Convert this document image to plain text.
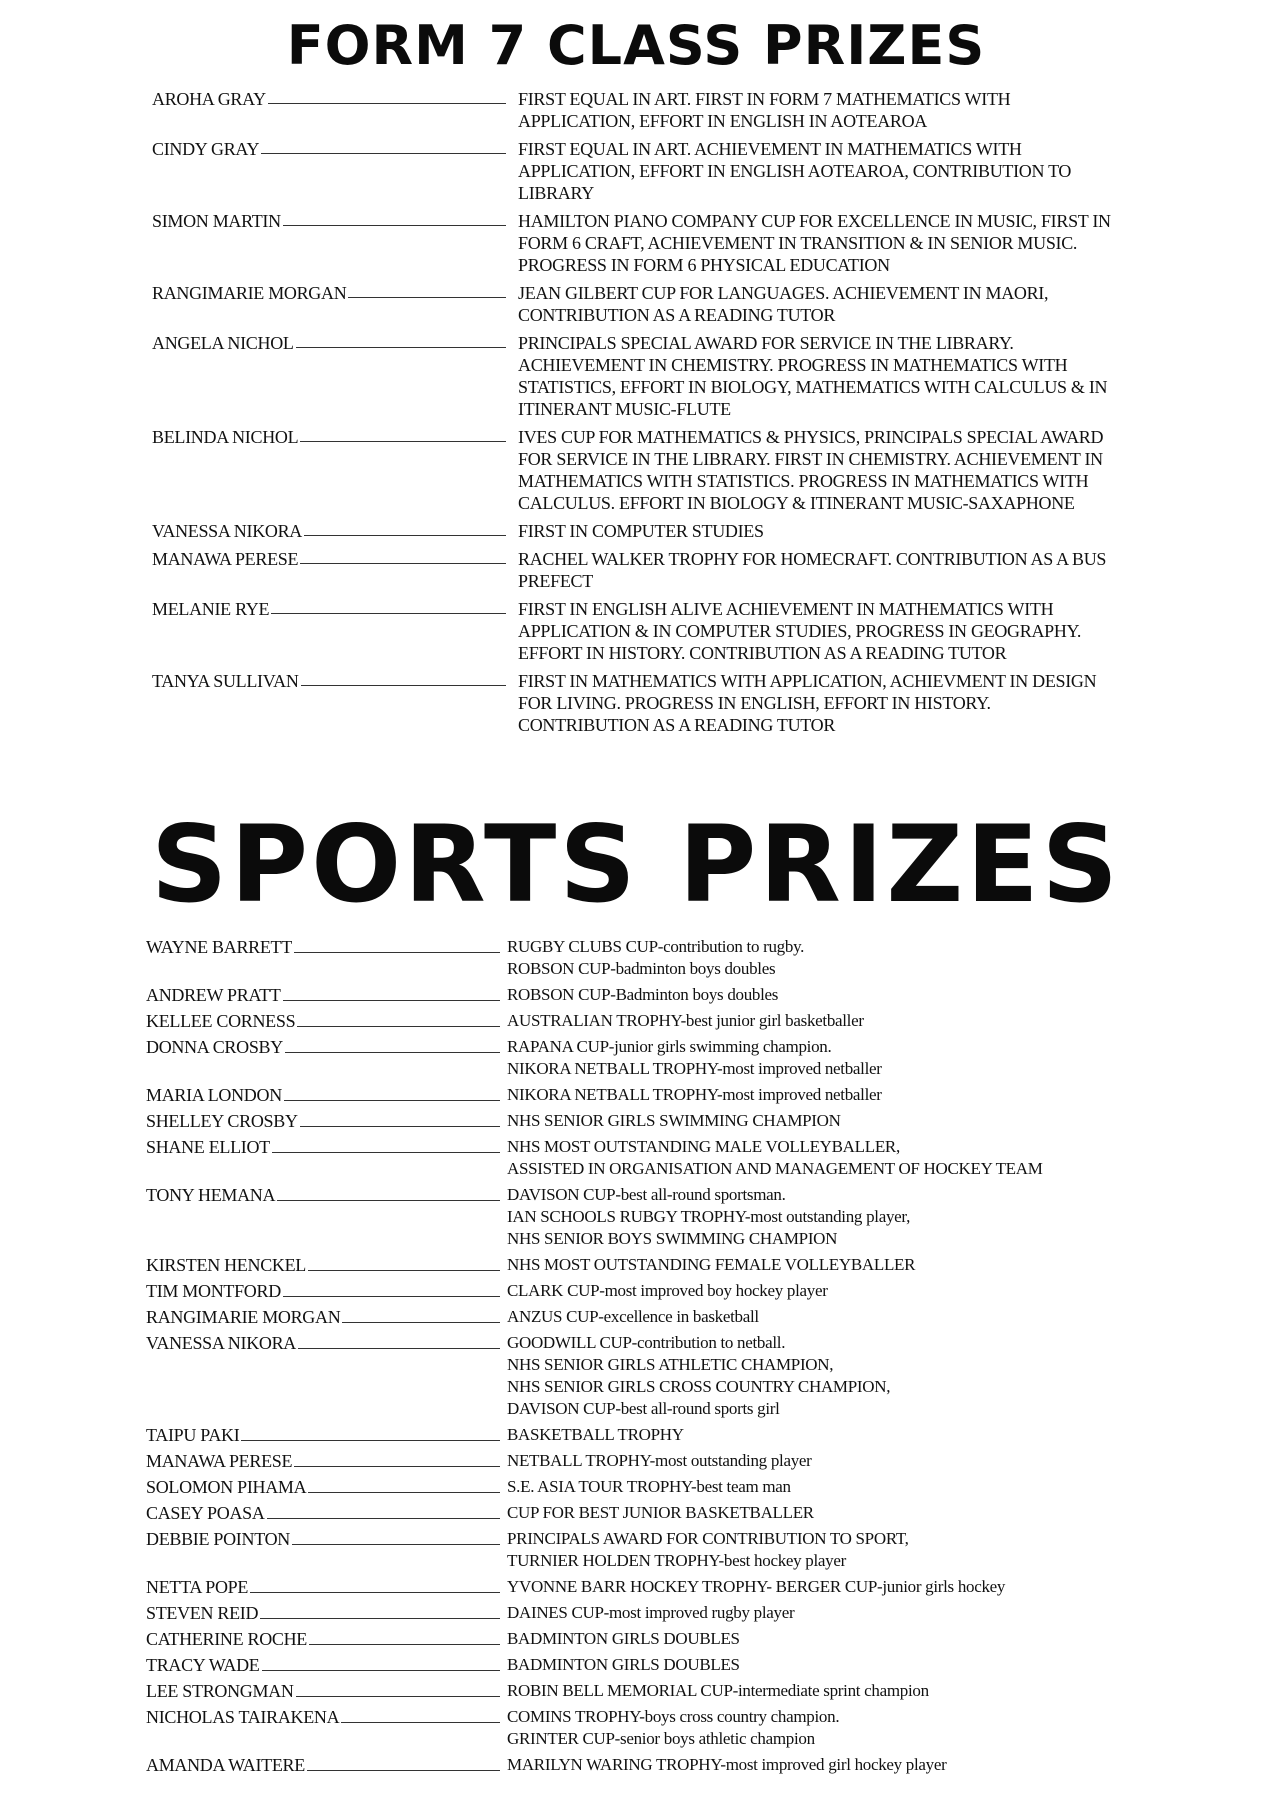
FORM 7 CLASS PRIZES
AROHA GRAY	FIRST EQUAL IN ART. FIRST IN FORM 7 MATHEMATICS WITH
APPLICATION, EFFORT IN ENGLISH IN AOTEAROA
CINDY GRAY	FIRST EQUAL IN ART. ACHIEVEMENT IN MATHEMATICS WITH
APPLICATION, EFFORT IN ENGLISH AOTEAROA, CONTRIBUTION TO
LIBRARY
SIMON MARTIN	HAMILTON PIANO COMPANY CUP FOR EXCELLENCE IN MUSIC, FIRST IN
FORM 6 CRAFT, ACHIEVEMENT IN TRANSITION & IN SENIOR MUSIC.
PROGRESS IN FORM 6 PHYSICAL EDUCATION
RANGIMARIE MORGAN	JEAN GILBERT CUP FOR LANGUAGES. ACHIEVEMENT IN MAORI,
CONTRIBUTION AS A READING TUTOR
ANGELA NICHOL	PRINCIPALS SPECIAL AWARD FOR SERVICE IN THE LIBRARY.
ACHIEVEMENT IN CHEMISTRY. PROGRESS IN MATHEMATICS WITH
STATISTICS, EFFORT IN BIOLOGY, MATHEMATICS WITH CALCULUS & IN
ITINERANT MUSIC-FLUTE
BELINDA NICHOL	IVES CUP FOR MATHEMATICS & PHYSICS, PRINCIPALS SPECIAL AWARD
FOR SERVICE IN THE LIBRARY. FIRST IN CHEMISTRY. ACHIEVEMENT IN
MATHEMATICS WITH STATISTICS. PROGRESS IN MATHEMATICS WITH
CALCULUS. EFFORT IN BIOLOGY & ITINERANT MUSIC-SAXAPHONE
VANESSA NIKORA	FIRST IN COMPUTER STUDIES
MANAWA PERESE	RACHEL WALKER TROPHY FOR HOMECRAFT. CONTRIBUTION AS A BUS
PREFECT
MELANIE RYE	FIRST IN ENGLISH ALIVE ACHIEVEMENT IN MATHEMATICS WITH
APPLICATION & IN COMPUTER STUDIES, PROGRESS IN GEOGRAPHY.
EFFORT IN HISTORY. CONTRIBUTION AS A READING TUTOR
TANYA SULLIVAN	FIRST IN MATHEMATICS WITH APPLICATION, ACHIEVMENT IN DESIGN
FOR LIVING. PROGRESS IN ENGLISH, EFFORT IN HISTORY.
CONTRIBUTION AS A READING TUTOR
SPORTS PRIZES
WAYNE BARRETT	RUGBY CLUBS CUP-contribution to rugby.
ROBSON CUP-badminton boys doubles
ANDREW PRATT	ROBSON CUP-Badminton boys doubles
KELLEE CORNESS	AUSTRALIAN TROPHY-best junior girl basketballer
DONNA CROSBY	RAPANA CUP-junior girls swimming champion.
NIKORA NETBALL TROPHY-most improved netballer
MARIA LONDON	NIKORA NETBALL TROPHY-most improved netballer
SHELLEY CROSBY	NHS SENIOR GIRLS SWIMMING CHAMPION
SHANE ELLIOT	NHS MOST OUTSTANDING MALE VOLLEYBALLER,
ASSISTED IN ORGANISATION AND MANAGEMENT OF HOCKEY TEAM
TONY HEMANA	DAVISON CUP-best all-round sportsman.
IAN SCHOOLS RUBGY TROPHY-most outstanding player,
NHS SENIOR BOYS SWIMMING CHAMPION
KIRSTEN HENCKEL	NHS MOST OUTSTANDING FEMALE VOLLEYBALLER
TIM MONTFORD	CLARK CUP-most improved boy hockey player
RANGIMARIE MORGAN	ANZUS CUP-excellence in basketball
VANESSA NIKORA	GOODWILL CUP-contribution to netball.
NHS SENIOR GIRLS ATHLETIC CHAMPION,
NHS SENIOR GIRLS CROSS COUNTRY CHAMPION,
DAVISON CUP-best all-round sports girl
TAIPU PAKI	BASKETBALL TROPHY
MANAWA PERESE	NETBALL TROPHY-most outstanding player
SOLOMON PIHAMA	S.E. ASIA TOUR TROPHY-best team man
CASEY POASA	CUP FOR BEST JUNIOR BASKETBALLER
DEBBIE POINTON	PRINCIPALS AWARD FOR CONTRIBUTION TO SPORT,
TURNIER HOLDEN TROPHY-best hockey player
NETTA POPE	YVONNE BARR HOCKEY TROPHY- BERGER CUP-junior girls hockey
STEVEN REID	DAINES CUP-most improved rugby player
CATHERINE ROCHE	BADMINTON GIRLS DOUBLES
TRACY WADE	BADMINTON GIRLS DOUBLES
LEE STRONGMAN	ROBIN BELL MEMORIAL CUP-intermediate sprint champion
NICHOLAS TAIRAKENA	COMINS TROPHY-boys cross country champion.
GRINTER CUP-senior boys athletic champion
AMANDA WAITERE	MARILYN WARING TROPHY-most improved girl hockey player
